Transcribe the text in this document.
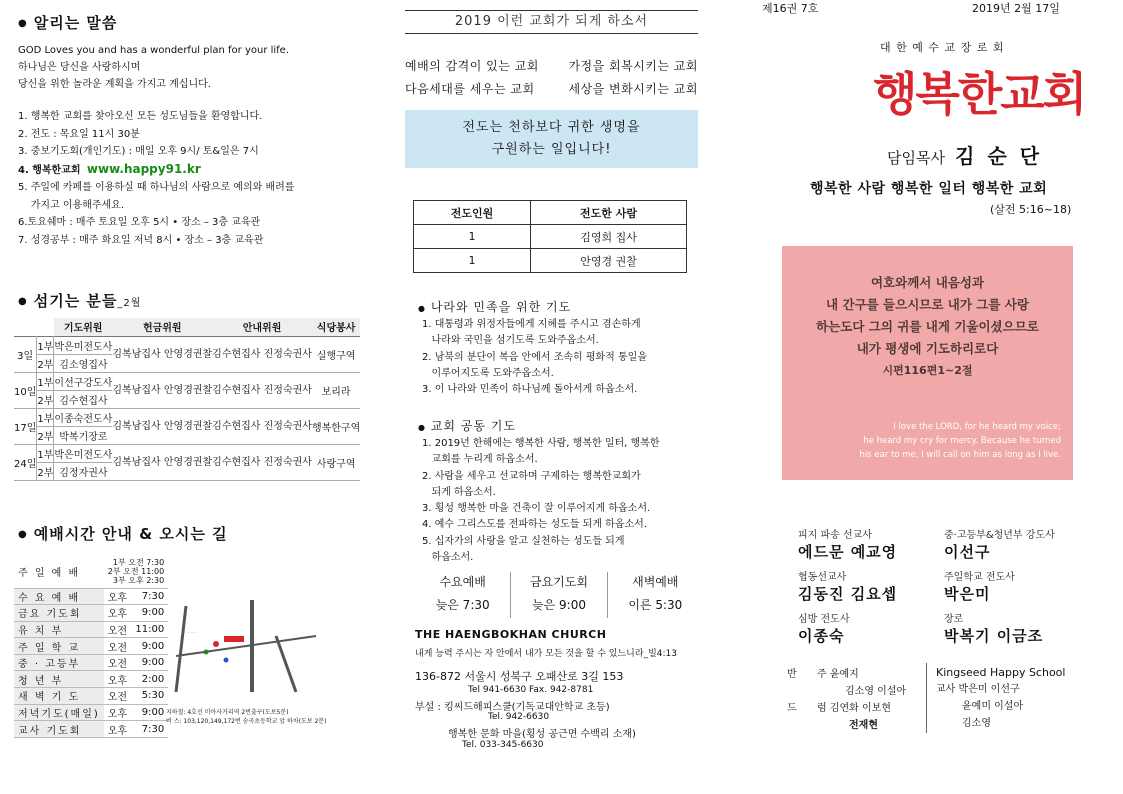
● 알리는 말씀
GOD Loves you and has a wonderful plan for your life.
하나님은 당신을 사랑하시며
당신을 위한 놀라운 계획을 가지고 계십니다.
1. 행복한 교회를 찾아오신 모든 성도님들을 환영합니다.
2. 전도 : 목요일 11시 30분
3. 중보기도회(개인기도) : 매일 오후 9시/ 토&일은 7시
4. 행복한교회 www.happy91.kr
5. 주일에 카페를 이용하실 때 하나님의 사람으로 예의와 배려를
가지고 이용해주세요.
6.토요쉐마 : 매주 토요일 오후 5시 • 장소 – 3층 교육관
7. 성경공부 : 매주 화요일 저녁 8시 • 장소 – 3층 교육관
● 섬기는 분들_2월
		기도위원	헌금위원	안내위원	식당봉사
3일	1부	박은미전도사	김복남집사 안영경권찰	김수현집사 진정숙권사	실행구역
	2부	김소영집사			
10일	1부	이선구강도사	김복남집사 안영경권찰	김수현집사 진정숙권사	보리라
	2부	김수현집사			
17일	1부	이종숙전도사	김복남집사 안영경권찰	김수현집사 진정숙권사	행복한구역
	2부	박복기장로			
24일	1부	박은미전도사	김복남집사 안영경권찰	김수현집사 진정숙권사	사랑구역
	2부	김정자권사			
● 예배시간 안내 & 오시는 길
주 일 예 배	1부 오전 7:30
2부 오전 11:00
3부 오후 2:30	

수 요 예 배	오후	7:30
금요 기도회	오후	9:00
유 치 부	오전	11:00
주 일 학 교	오전	9:00
중 · 고등부	오전	9:00
청 년 부	오후	2:00
새 벽 기 도	오전	5:30
저녁기도(매일)	오후	9:00
교사 기도회	오후	7:30
· · ·
지하철: 4호선 미아사거리역 2번출구(도보5분)
버 스: 103,120,149,172번 숭곡초등학교 앞 하차(도보 2분)
2019 이런 교회가 되게 하소서
예배의 감격이 있는 교회 가정을 회복시키는 교회
다음세대를 세우는 교회	세상을 변화시키는 교회
전도는 천하보다 귀한 생명을
구원하는 일입니다!
전도인원	전도한 사람
1	김영희 집사
1	안영경 권찰
● 나라와 민족을 위한 기도
1. 대통령과 위정자들에게 지혜를 주시고 겸손하게
나라와 국민을 섬기도록 도와주옵소서.
2. 남북의 분단이 복음 안에서 조속히 평화적 통일을
이루어지도록 도와주옵소서.
3. 이 나라와 민족이 하나님께 돌아서게 하옵소서.
● 교회 공동 기도
1. 2019년 한해에는 행복한 사람, 행복한 일터, 행복한
교회를 누리게 하옵소서.
2. 사람을 세우고 선교하며 구제하는 행복한교회가
되게 하옵소서.
3. 횡성 행복한 마을 건축이 잘 이루어지게 하옵소서.
4. 예수 그리스도를 전파하는 성도들 되게 하옵소서.
5. 십자가의 사랑을 알고 실천하는 성도들 되게
하옵소서.
수요예배
늦은 7:30
금요기도회
늦은 9:00
새벽예배
이른 5:30
THE HAENGBOKHAN CHURCH
내게 능력 주시는 자 안에서 내가 모든 것을 할 수 있느니라_빌4:13
136-872 서울시 성북구 오패산로 3길 153
Tel 941-6630 Fax. 942-8781
부설 : 킹씨드해피스쿨(기독교대안학교 초등)
Tel. 942-6630
행복한 문화 마을(횡성 공근면 수백리 소재)
Tel. 033-345-6630
제16권 7호	2019년 2월 17일
대 한 예 수 교 장 로 회
행복한교회
담임목사 김 순 단
행복한 사람 행복한 일터 행복한 교회
(살전 5:16~18)
여호와께서 내음성과
내 간구를 들으시므로 내가 그를 사랑
하는도다 그의 귀를 내게 기울이셨으므로
내가 평생에 기도하리로다
시편116편1~2절
I love the LORD, for he heard my voice;
he heard my cry for mercy. Because he turned
his ear to me, I will call on him as long as I live.
피지 파송 선교사
에드문 예교영
중·고등부&청년부 강도사
이선구
협동선교사
김동진 김요셉
주일학교 전도사
박은미
심방 전도사
이종숙
장로
박복기 이금조
반 주 윤예지
김소영 이설아
드 럼 김연화 이보현
전재현
Kingseed Happy School
교사 박은미 이선구
윤예미 이설아
김소영
